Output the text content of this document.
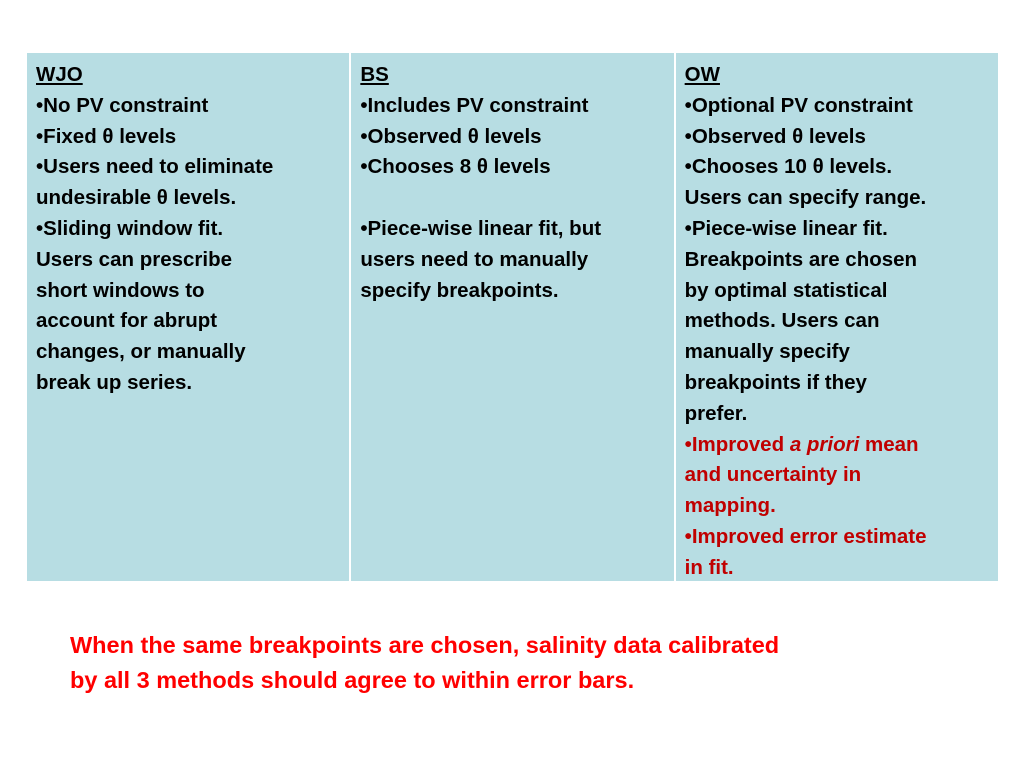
WJO
•No PV constraint
•Fixed θ levels
•Users need to eliminate
undesirable θ levels.
•Sliding window fit.
Users can prescribe
short windows to
account for abrupt
changes, or manually
break up series.
BS
•Includes PV constraint
•Observed θ levels
•Chooses 8 θ levels
•Piece-wise linear fit, but
users need to manually
specify breakpoints.
OW
•Optional PV constraint
•Observed θ levels
•Chooses 10 θ levels.
Users can specify range.
•Piece-wise linear fit.
Breakpoints are chosen
by optimal statistical
methods. Users can
manually specify
breakpoints if they
prefer.
•Improved a priori mean
and uncertainty in
mapping.
•Improved error estimate
in fit.
When the same breakpoints are chosen, salinity data calibrated
by all 3 methods should agree to within error bars.
